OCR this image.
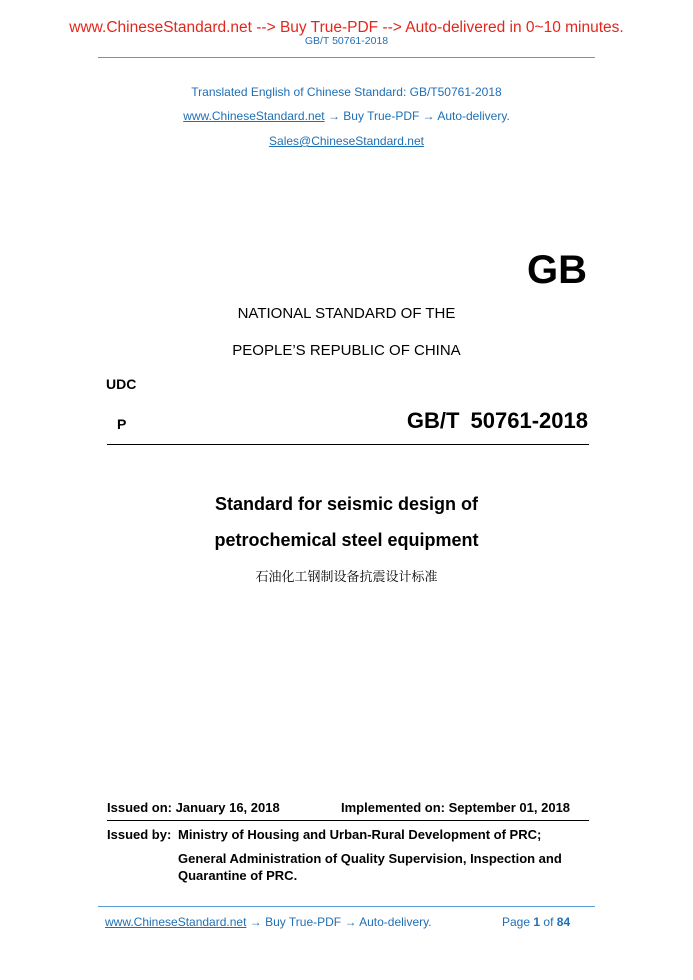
www.ChineseStandard.net --> Buy True-PDF --> Auto-delivered in 0~10 minutes.
GB/T 50761-2018
Translated English of Chinese Standard: GB/T50761-2018
www.ChineseStandard.net → Buy True-PDF → Auto-delivery.
Sales@ChineseStandard.net
GB
NATIONAL STANDARD OF THE
PEOPLE’S REPUBLIC OF CHINA
UDC
P	GB/T 50761-2018
Standard for seismic design of
petrochemical steel equipment
石油化工钢制设备抗震设计标准
Issued on: January 16, 2018	Implemented on: September 01, 2018
Issued by: Ministry of Housing and Urban-Rural Development of PRC;
General Administration of Quality Supervision, Inspection and
Quarantine of PRC.
www.ChineseStandard.net → Buy True-PDF → Auto-delivery.	Page 1 of 84
